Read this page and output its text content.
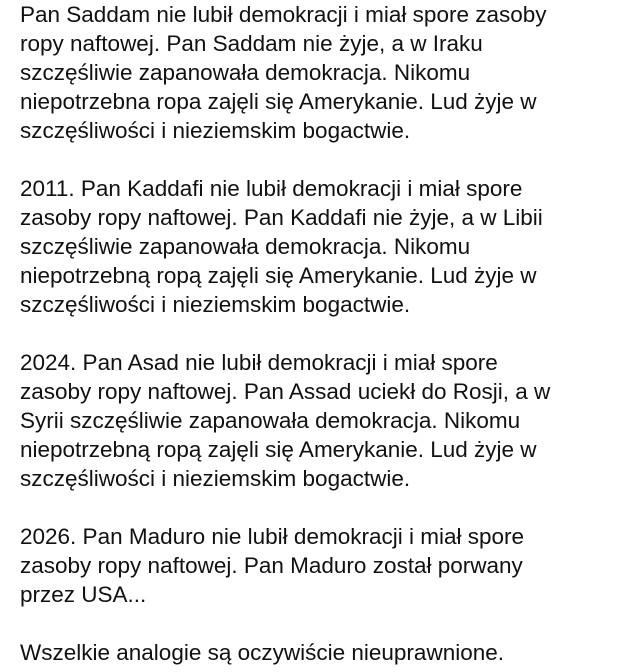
Pan Saddam nie lubił demokracji i miał spore zasoby
ropy naftowej. Pan Saddam nie żyje, a w Iraku
szczęśliwie zapanowała demokracja. Nikomu
niepotrzebna ropa zajęli się Amerykanie. Lud żyje w
szczęśliwości i nieziemskim bogactwie.
2011. Pan Kaddafi nie lubił demokracji i miał spore
zasoby ropy naftowej. Pan Kaddafi nie żyje, a w Libii
szczęśliwie zapanowała demokracja. Nikomu
niepotrzebną ropą zajęli się Amerykanie. Lud żyje w
szczęśliwości i nieziemskim bogactwie.
2024. Pan Asad nie lubił demokracji i miał spore
zasoby ropy naftowej. Pan Assad uciekł do Rosji, a w
Syrii szczęśliwie zapanowała demokracja. Nikomu
niepotrzebną ropą zajęli się Amerykanie. Lud żyje w
szczęśliwości i nieziemskim bogactwie.
2026. Pan Maduro nie lubił demokracji i miał spore
zasoby ropy naftowej. Pan Maduro został porwany
przez USA...
Wszelkie analogie są oczywiście nieuprawnione.
